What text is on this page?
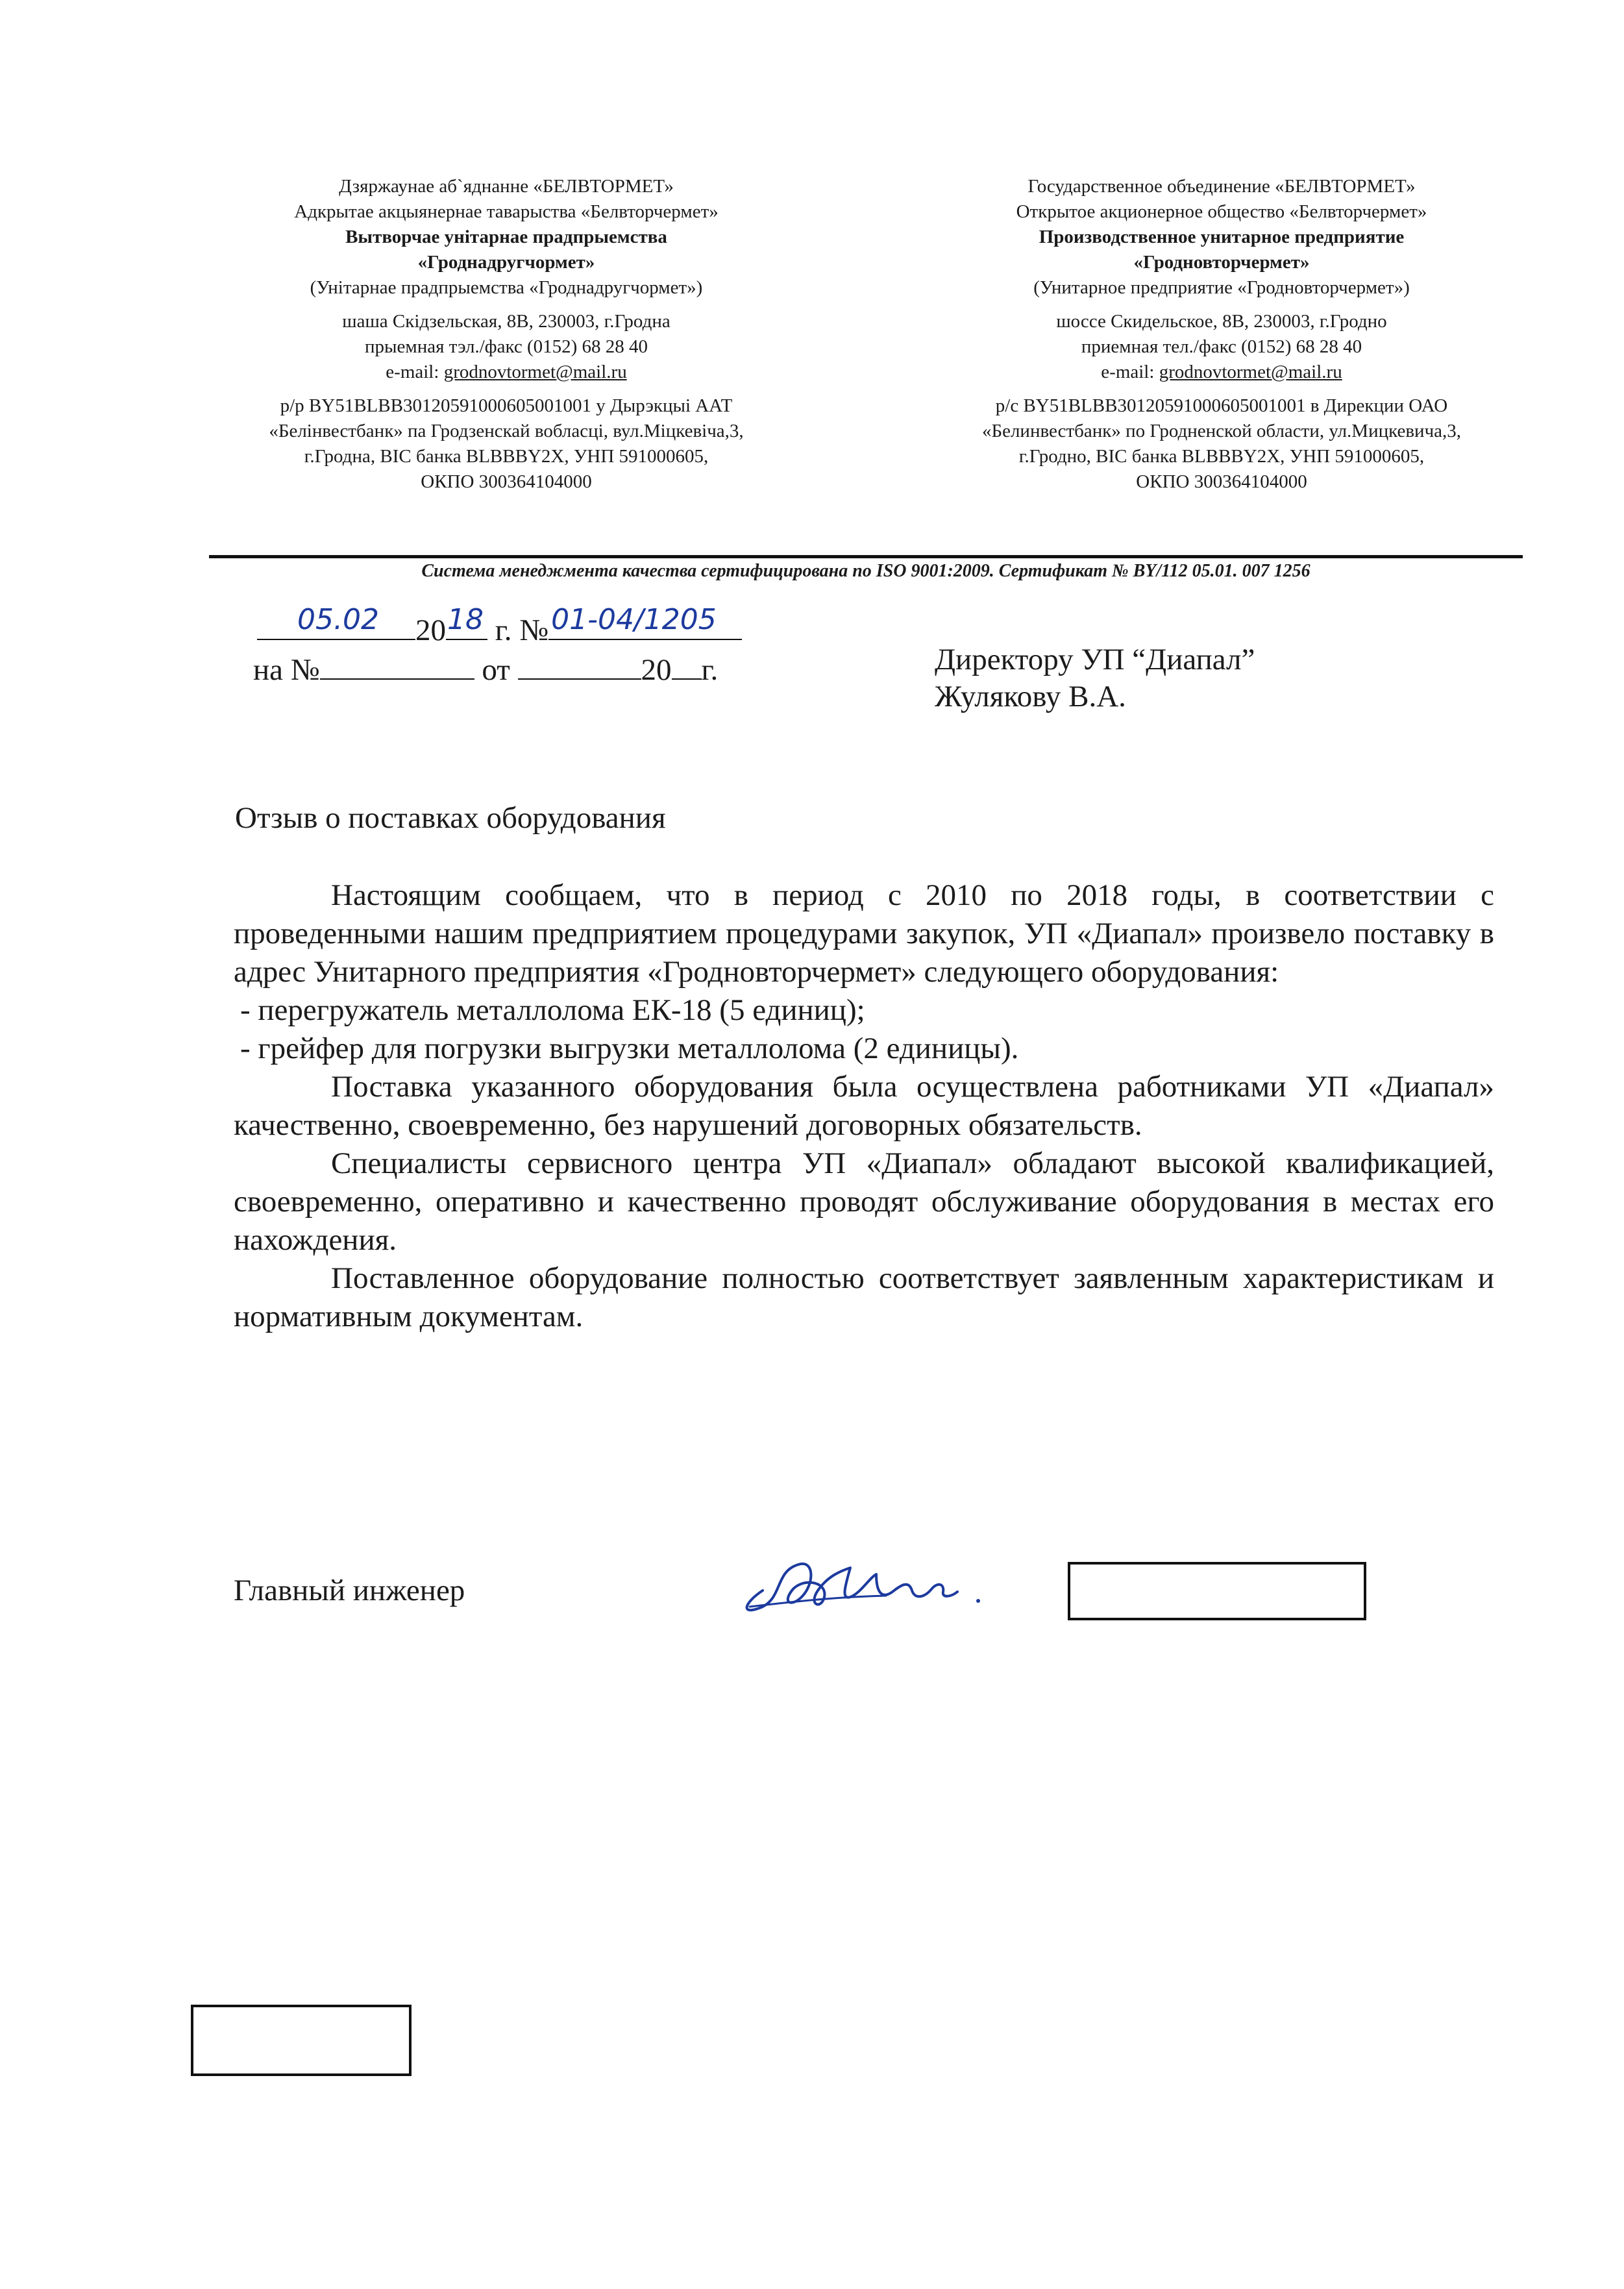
Дзяржаунае аб`яднанне «БЕЛВТОРМЕТ»
Адкрытае акцыянернае таварыства «Белвторчермет»
Вытворчае унітарнае прадпрыемства
«Гроднадругчормет»
(Унітарнае прадпрыемства «Гроднадругчормет»)
шаша Скідзельская, 8В, 230003, г.Гродна
прыемная тэл./факс (0152) 68 28 40
e-mail: grodnovtormet@mail.ru
р/р BY51BLBB30120591000605001001 у Дырэкцыі ААТ
«Белінвестбанк» па Гродзенскай вобласці, вул.Міцкевіча,3,
г.Гродна, BIC банка BLBBBY2X, УНП 591000605,
ОКПО 300364104000
Государственное объединение «БЕЛВТОРМЕТ»
Открытое акционерное общество «Белвторчермет»
Производственное унитарное предприятие
«Гродновторчермет»
(Унитарное предприятие «Гродновторчермет»)
шоссе Скидельское, 8В, 230003, г.Гродно
приемная тел./факс (0152) 68 28 40
e-mail: grodnovtormet@mail.ru
р/с BY51BLBB30120591000605001001 в Дирекции ОАО
«Белинвестбанк» по Гродненской области, ул.Мицкевича,3,
г.Гродно, BIC банка BLBBBY2X, УНП 591000605,
ОКПО 300364104000
Система менеджмента качества сертифицирована по ISO 9001:2009. Сертификат № BY/112 05.01. 007 1256
05.02 20 18 г. № 01-04/1205
на №	от	20 г.	Директору УП “Диапал”
Жулякову В.А.
Отзыв о поставках оборудования

Настоящим сообщаем, что в период с 2010 по 2018 годы, в соответствии с проведенными нашим предприятием процедурами закупок, УП «Диапал» произвело поставку в адрес Унитарного предприятия «Гродновторчермет» следующего оборудования:

- перегружатель металлолома ЕК-18 (5 единиц);

- грейфер для погрузки выгрузки металлолома (2 единицы).

Поставка указанного оборудования была осуществлена работниками УП «Диапал» качественно, своевременно, без нарушений договорных обязательств.

Специалисты сервисного центра УП «Диапал» обладают высокой квалификацией, своевременно, оперативно и качественно проводят обслуживание оборудования в местах его нахождения.

Поставленное оборудование полностью соответствует заявленным характеристикам и нормативным документам.

Главный инженер
